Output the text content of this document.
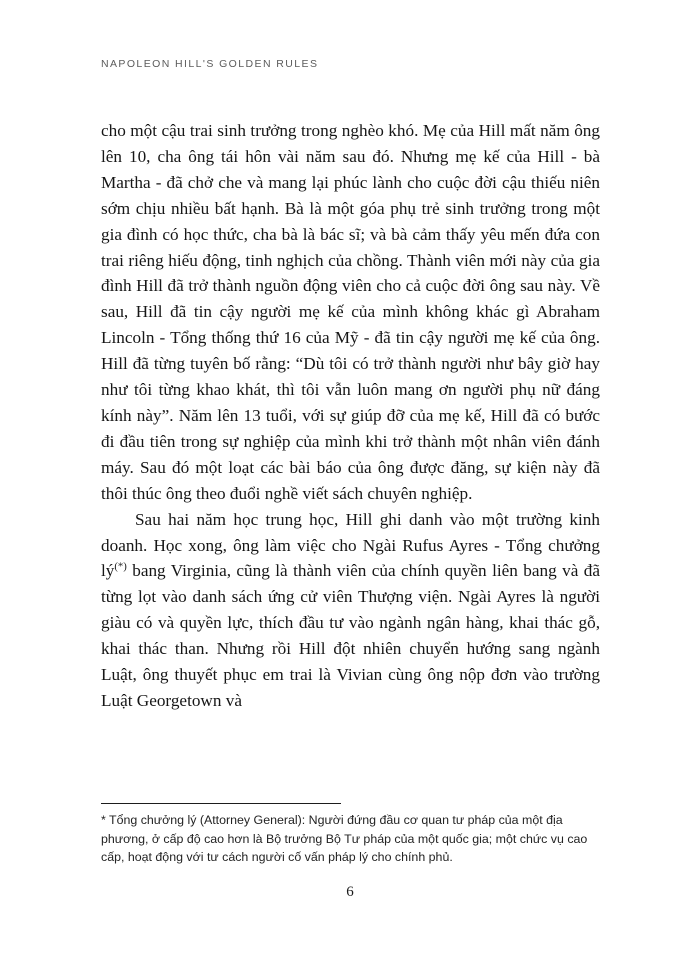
NAPOLEON HILL'S GOLDEN RULES

cho một cậu trai sinh trưởng trong nghèo khó. Mẹ của Hill mất năm ông lên 10, cha ông tái hôn vài năm sau đó. Nhưng mẹ kế của Hill - bà Martha - đã chở che và mang lại phúc lành cho cuộc đời cậu thiếu niên sớm chịu nhiều bất hạnh. Bà là một góa phụ trẻ sinh trưởng trong một gia đình có học thức, cha bà là bác sĩ; và bà cảm thấy yêu mến đứa con trai riêng hiếu động, tinh nghịch của chồng. Thành viên mới này của gia đình Hill đã trở thành nguồn động viên cho cả cuộc đời ông sau này. Về sau, Hill đã tin cậy người mẹ kế của mình không khác gì Abraham Lincoln - Tổng thống thứ 16 của Mỹ - đã tin cậy người mẹ kế của ông. Hill đã từng tuyên bố rằng: “Dù tôi có trở thành người như bây giờ hay như tôi từng khao khát, thì tôi vẫn luôn mang ơn người phụ nữ đáng kính này”. Năm lên 13 tuổi, với sự giúp đỡ của mẹ kế, Hill đã có bước đi đầu tiên trong sự nghiệp của mình khi trở thành một nhân viên đánh máy. Sau đó một loạt các bài báo của ông được đăng, sự kiện này đã thôi thúc ông theo đuổi nghề viết sách chuyên nghiệp.

Sau hai năm học trung học, Hill ghi danh vào một trường kinh doanh. Học xong, ông làm việc cho Ngài Rufus Ayres - Tổng chưởng lý(*) bang Virginia, cũng là thành viên của chính quyền liên bang và đã từng lọt vào danh sách ứng cử viên Thượng viện. Ngài Ayres là người giàu có và quyền lực, thích đầu tư vào ngành ngân hàng, khai thác gỗ, khai thác than. Nhưng rồi Hill đột nhiên chuyển hướng sang ngành Luật, ông thuyết phục em trai là Vivian cùng ông nộp đơn vào trường Luật Georgetown và

* Tổng chưởng lý (Attorney General): Người đứng đầu cơ quan tư pháp của một địa phương, ở cấp độ cao hơn là Bộ trưởng Bộ Tư pháp của một quốc gia; một chức vụ cao cấp, hoạt động với tư cách người cố vấn pháp lý cho chính phủ.

6
